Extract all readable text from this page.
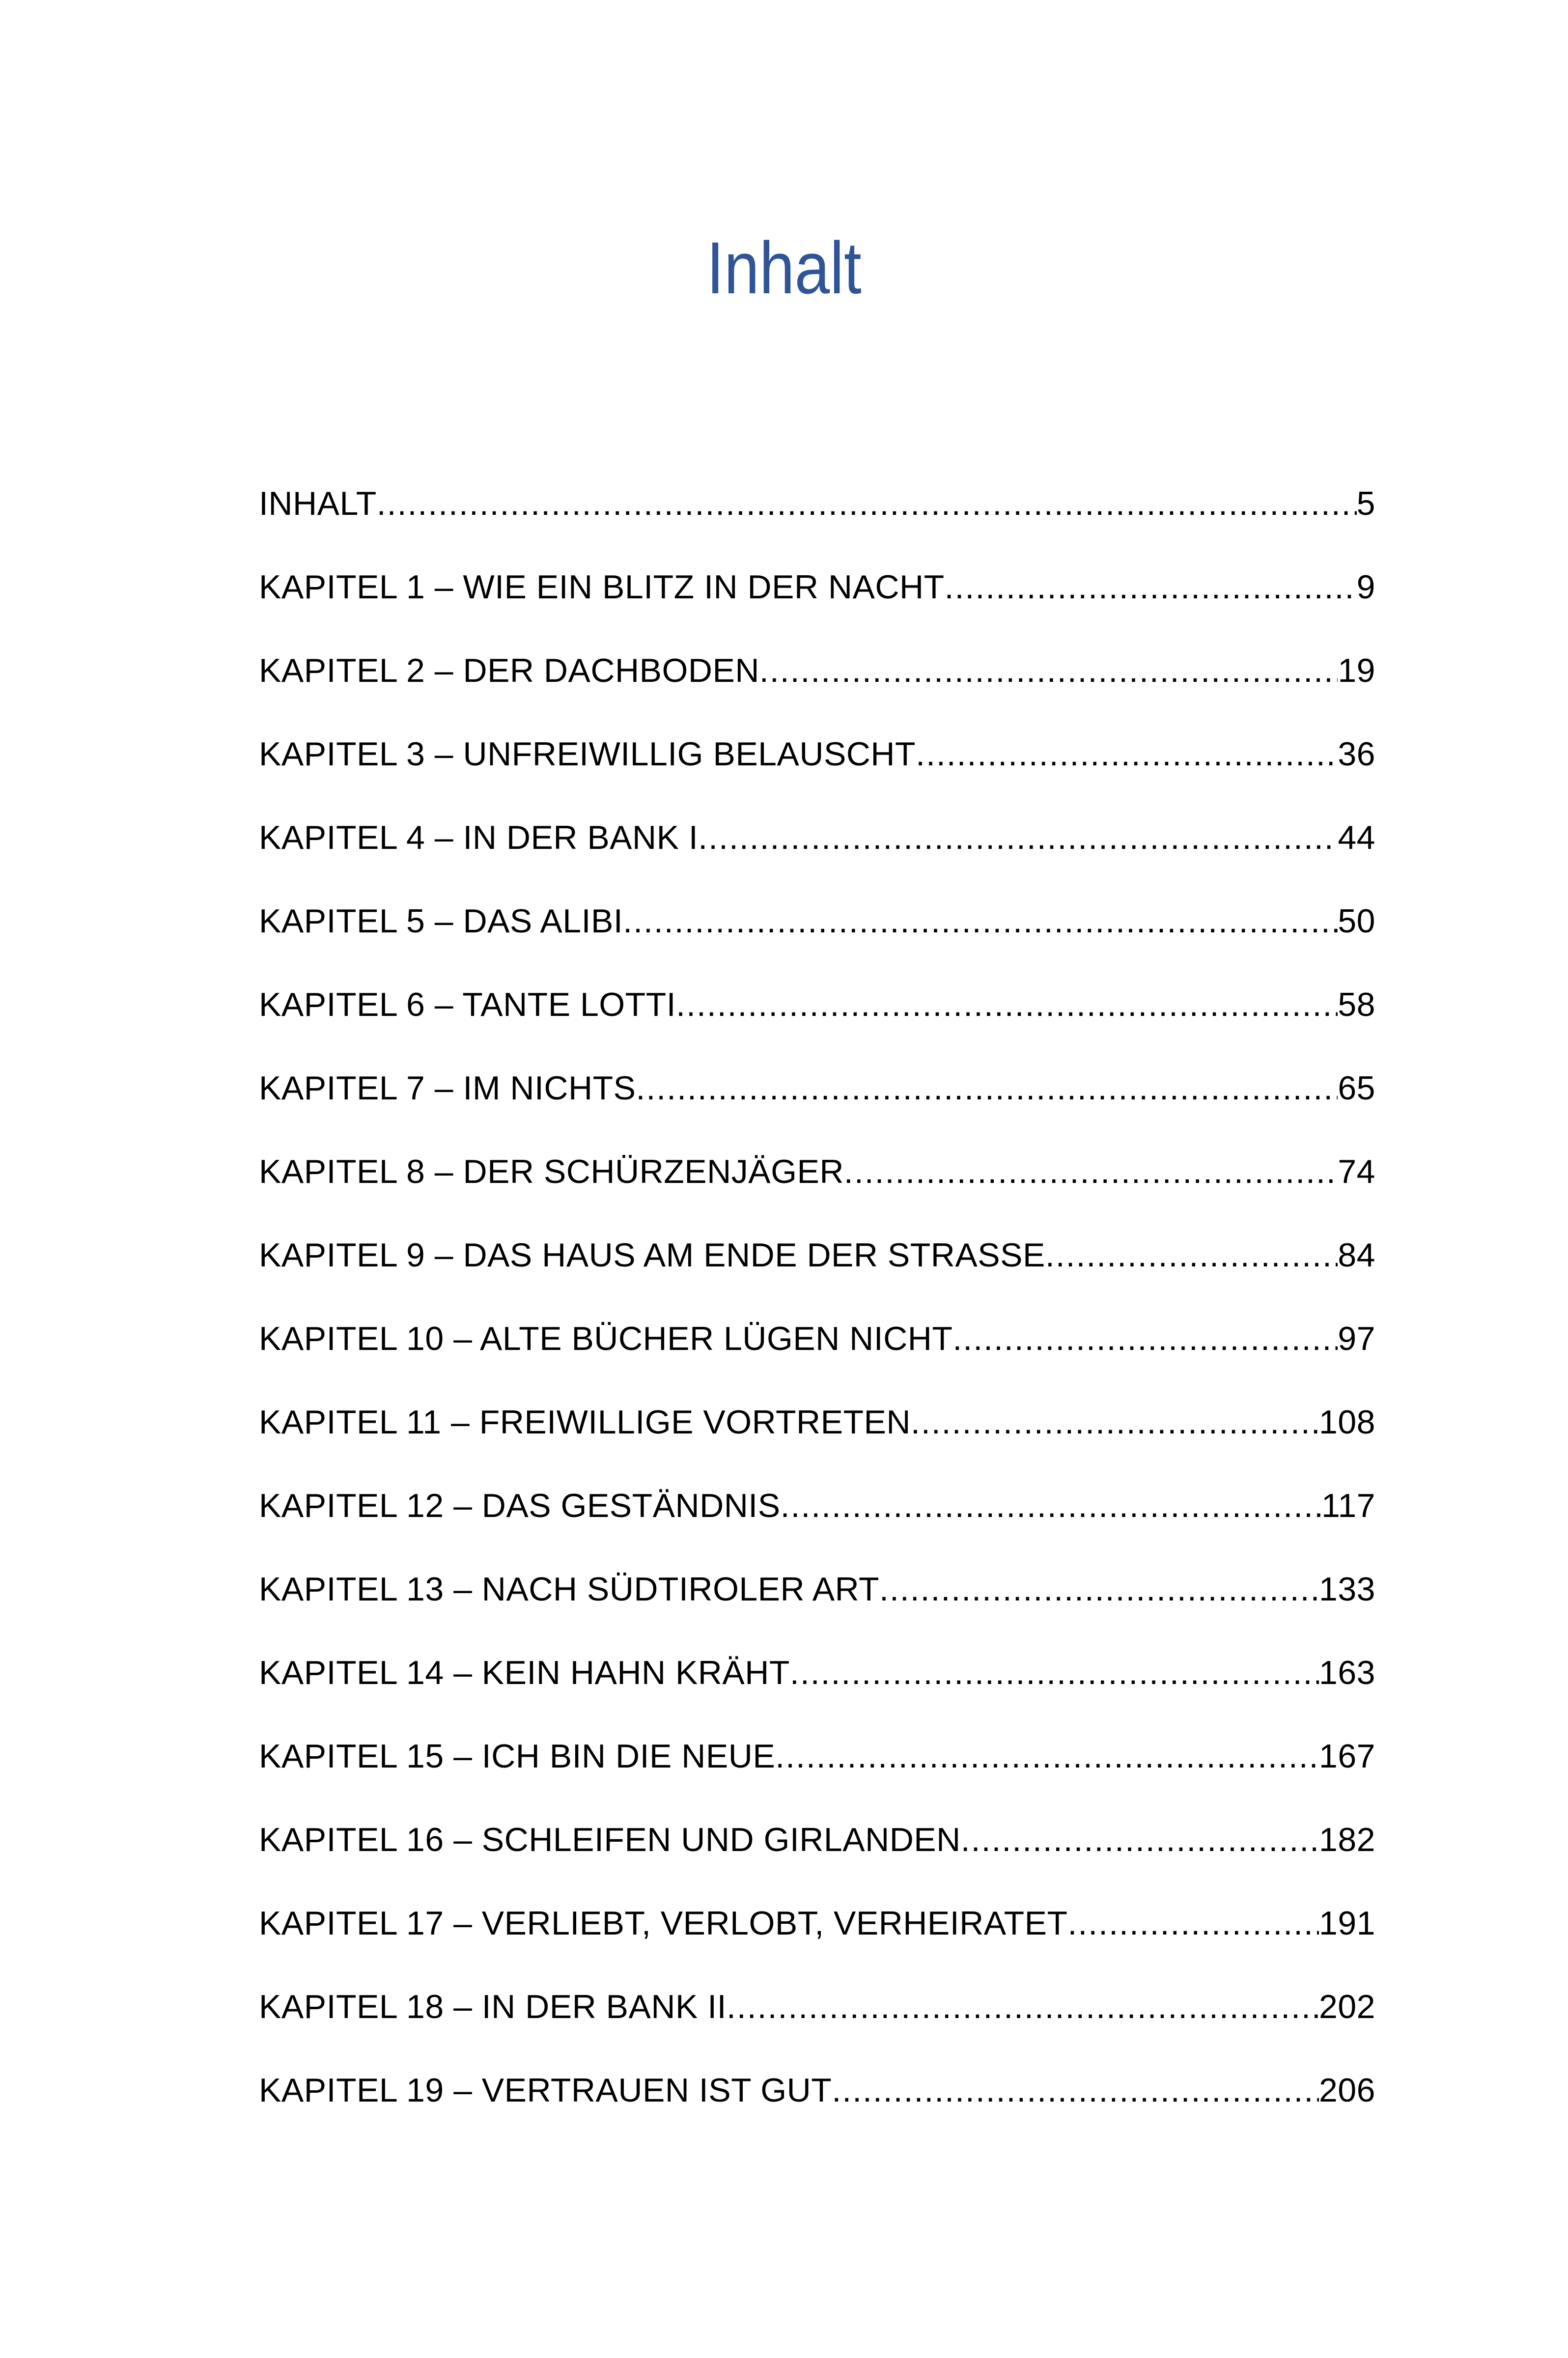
Inhalt
INHALT .....	5
KAPITEL 1 – WIE EIN BLITZ IN DER NACHT .....	9
KAPITEL 2 – DER DACHBODEN .....	19
KAPITEL 3 – UNFREIWILLIG BELAUSCHT .....	36
KAPITEL 4 – IN DER BANK I .....	44
KAPITEL 5 – DAS ALIBI .....	50
KAPITEL 6 – TANTE LOTTI .....	58
KAPITEL 7 – IM NICHTS .....	65
KAPITEL 8 – DER SCHÜRZENJÄGER .....	74
KAPITEL 9 – DAS HAUS AM ENDE DER STRASSE .....	84
KAPITEL 10 – ALTE BÜCHER LÜGEN NICHT .....	97
KAPITEL 11 – FREIWILLIGE VORTRETEN .....	108
KAPITEL 12 – DAS GESTÄNDNIS .....	117
KAPITEL 13 – NACH SÜDTIROLER ART .....	133
KAPITEL 14 – KEIN HAHN KRÄHT .....	163
KAPITEL 15 – ICH BIN DIE NEUE .....	167
KAPITEL 16 – SCHLEIFEN UND GIRLANDEN .....	182
KAPITEL 17 – VERLIEBT, VERLOBT, VERHEIRATET .....	191
KAPITEL 18 – IN DER BANK II .....	202
KAPITEL 19 – VERTRAUEN IST GUT .....	206
